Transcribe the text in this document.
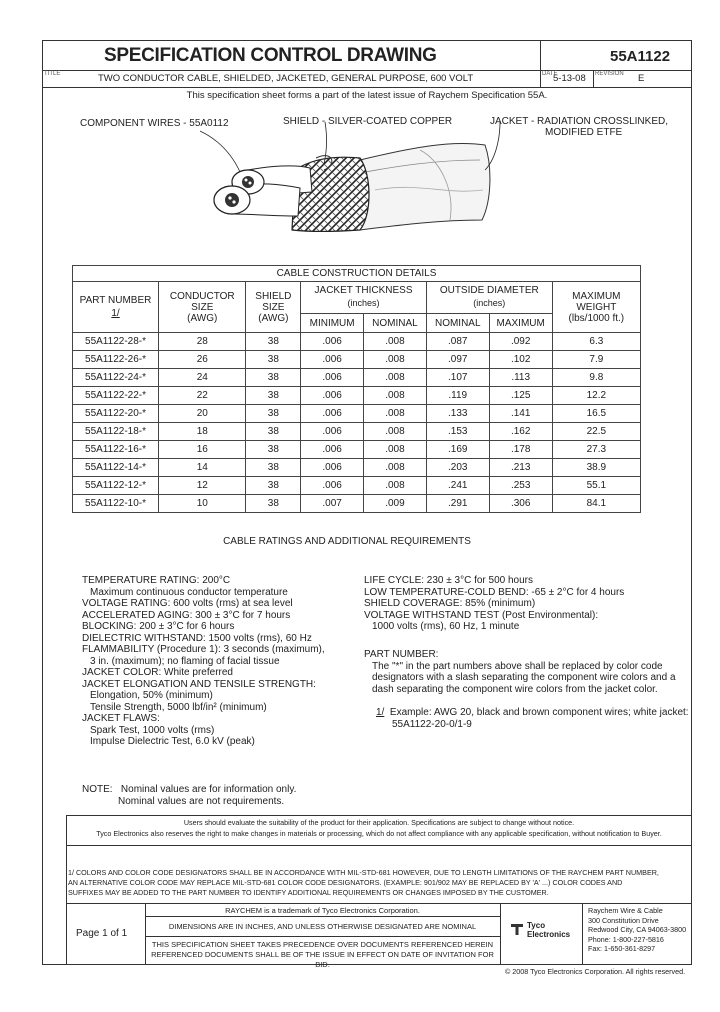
SPECIFICATION CONTROL DRAWING	55A1122
TITLE	TWO CONDUCTOR CABLE, SHIELDED, JACKETED, GENERAL PURPOSE, 600 VOLT	DATE
5-13-08 REVISION E
This specification sheet forms a part of the latest issue of Raychem Specification 55A.
COMPONENT WIRES - 55A0112	SHIELD - SILVER-COATED COPPER	JACKET - RADIATION CROSSLINKED,
MODIFIED ETFE
CABLE CONSTRUCTION DETAILS							
PART NUMBER
1/	CONDUCTOR
SIZE
(AWG)	SHIELD
SIZE
(AWG)	JACKET THICKNESS
(inches)		OUTSIDE DIAMETER
(inches)		MAXIMUM
WEIGHT
(lbs/1000 ft.)
			MINIMUM	NOMINAL	NOMINAL	MAXIMUM	
55A1122-28-*	28	38	.006	.008	.087	.092	6.3
55A1122-26-*	26	38	.006	.008	.097	.102	7.9
55A1122-24-*	24	38	.006	.008	.107	.113	9.8
55A1122-22-*	22	38	.006	.008	.119	.125	12.2
55A1122-20-*	20	38	.006	.008	.133	.141	16.5
55A1122-18-*	18	38	.006	.008	.153	.162	22.5
55A1122-16-*	16	38	.006	.008	.169	.178	27.3
55A1122-14-*	14	38	.006	.008	.203	.213	38.9
55A1122-12-*	12	38	.006	.008	.241	.253	55.1
55A1122-10-*	10	38	.007	.009	.291	.306	84.1
CABLE RATINGS AND ADDITIONAL REQUIREMENTS
TEMPERATURE RATING: 200°C
Maximum continuous conductor temperature
VOLTAGE RATING: 600 volts (rms) at sea level
ACCELERATED AGING: 300 ± 3°C for 7 hours
BLOCKING: 200 ± 3°C for 6 hours
DIELECTRIC WITHSTAND: 1500 volts (rms), 60 Hz
FLAMMABILITY (Procedure 1): 3 seconds (maximum),
3 in. (maximum); no flaming of facial tissue
JACKET COLOR: White preferred
JACKET ELONGATION AND TENSILE STRENGTH:
Elongation, 50% (minimum)
Tensile Strength, 5000 lbf/in² (minimum)
JACKET FLAWS:
Spark Test, 1000 volts (rms)
Impulse Dielectric Test, 6.0 kV (peak)
LIFE CYCLE: 230 ± 3°C for 500 hours
LOW TEMPERATURE-COLD BEND: -65 ± 2°C for 4 hours
SHIELD COVERAGE: 85% (minimum)
VOLTAGE WITHSTAND TEST (Post Environmental):
1000 volts (rms), 60 Hz, 1 minute
PART NUMBER:
The "*" in the part numbers above shall be replaced by color code
designators with a slash separating the component wire colors and a
dash separating the component wire colors from the jacket color.
1/ Example: AWG 20, black and brown component wires; white jacket:
55A1122-20-0/1-9
NOTE: Nominal values are for information only.
Nominal values are not requirements.
Users should evaluate the suitability of the product for their application. Specifications are subject to change without notice.
Tyco Electronics also reserves the right to make changes in materials or processing, which do not affect compliance with any applicable specification, without notification to Buyer.
1/ COLORS AND COLOR CODE DESIGNATORS SHALL BE IN ACCORDANCE WITH MIL-STD-681 HOWEVER, DUE TO LENGTH LIMITATIONS OF THE RAYCHEM PART NUMBER,
AN ALTERNATIVE COLOR CODE MAY REPLACE MIL-STD-681 COLOR CODE DESIGNATORS. (EXAMPLE: 901/902 MAY BE REPLACED BY 'A' ...) COLOR CODES AND
SUFFIXES MAY BE ADDED TO THE PART NUMBER TO IDENTIFY ADDITIONAL REQUIREMENTS OR CHANGES IMPOSED BY THE CUSTOMER.
Page 1 of 1
RAYCHEM is a trademark of Tyco Electronics Corporation.
DIMENSIONS ARE IN INCHES, AND UNLESS OTHERWISE DESIGNATED ARE NOMINAL
THIS SPECIFICATION SHEET TAKES PRECEDENCE OVER DOCUMENTS REFERENCED HEREIN
REFERENCED DOCUMENTS SHALL BE OF THE ISSUE IN EFFECT ON DATE OF INVITATION FOR BID.
Tyco
Electronics
Raychem Wire & Cable
300 Constitution Drive
Redwood City, CA 94063-3800
Phone: 1-800-227-5816
Fax: 1-650-361-8297
© 2008 Tyco Electronics Corporation. All rights reserved.
